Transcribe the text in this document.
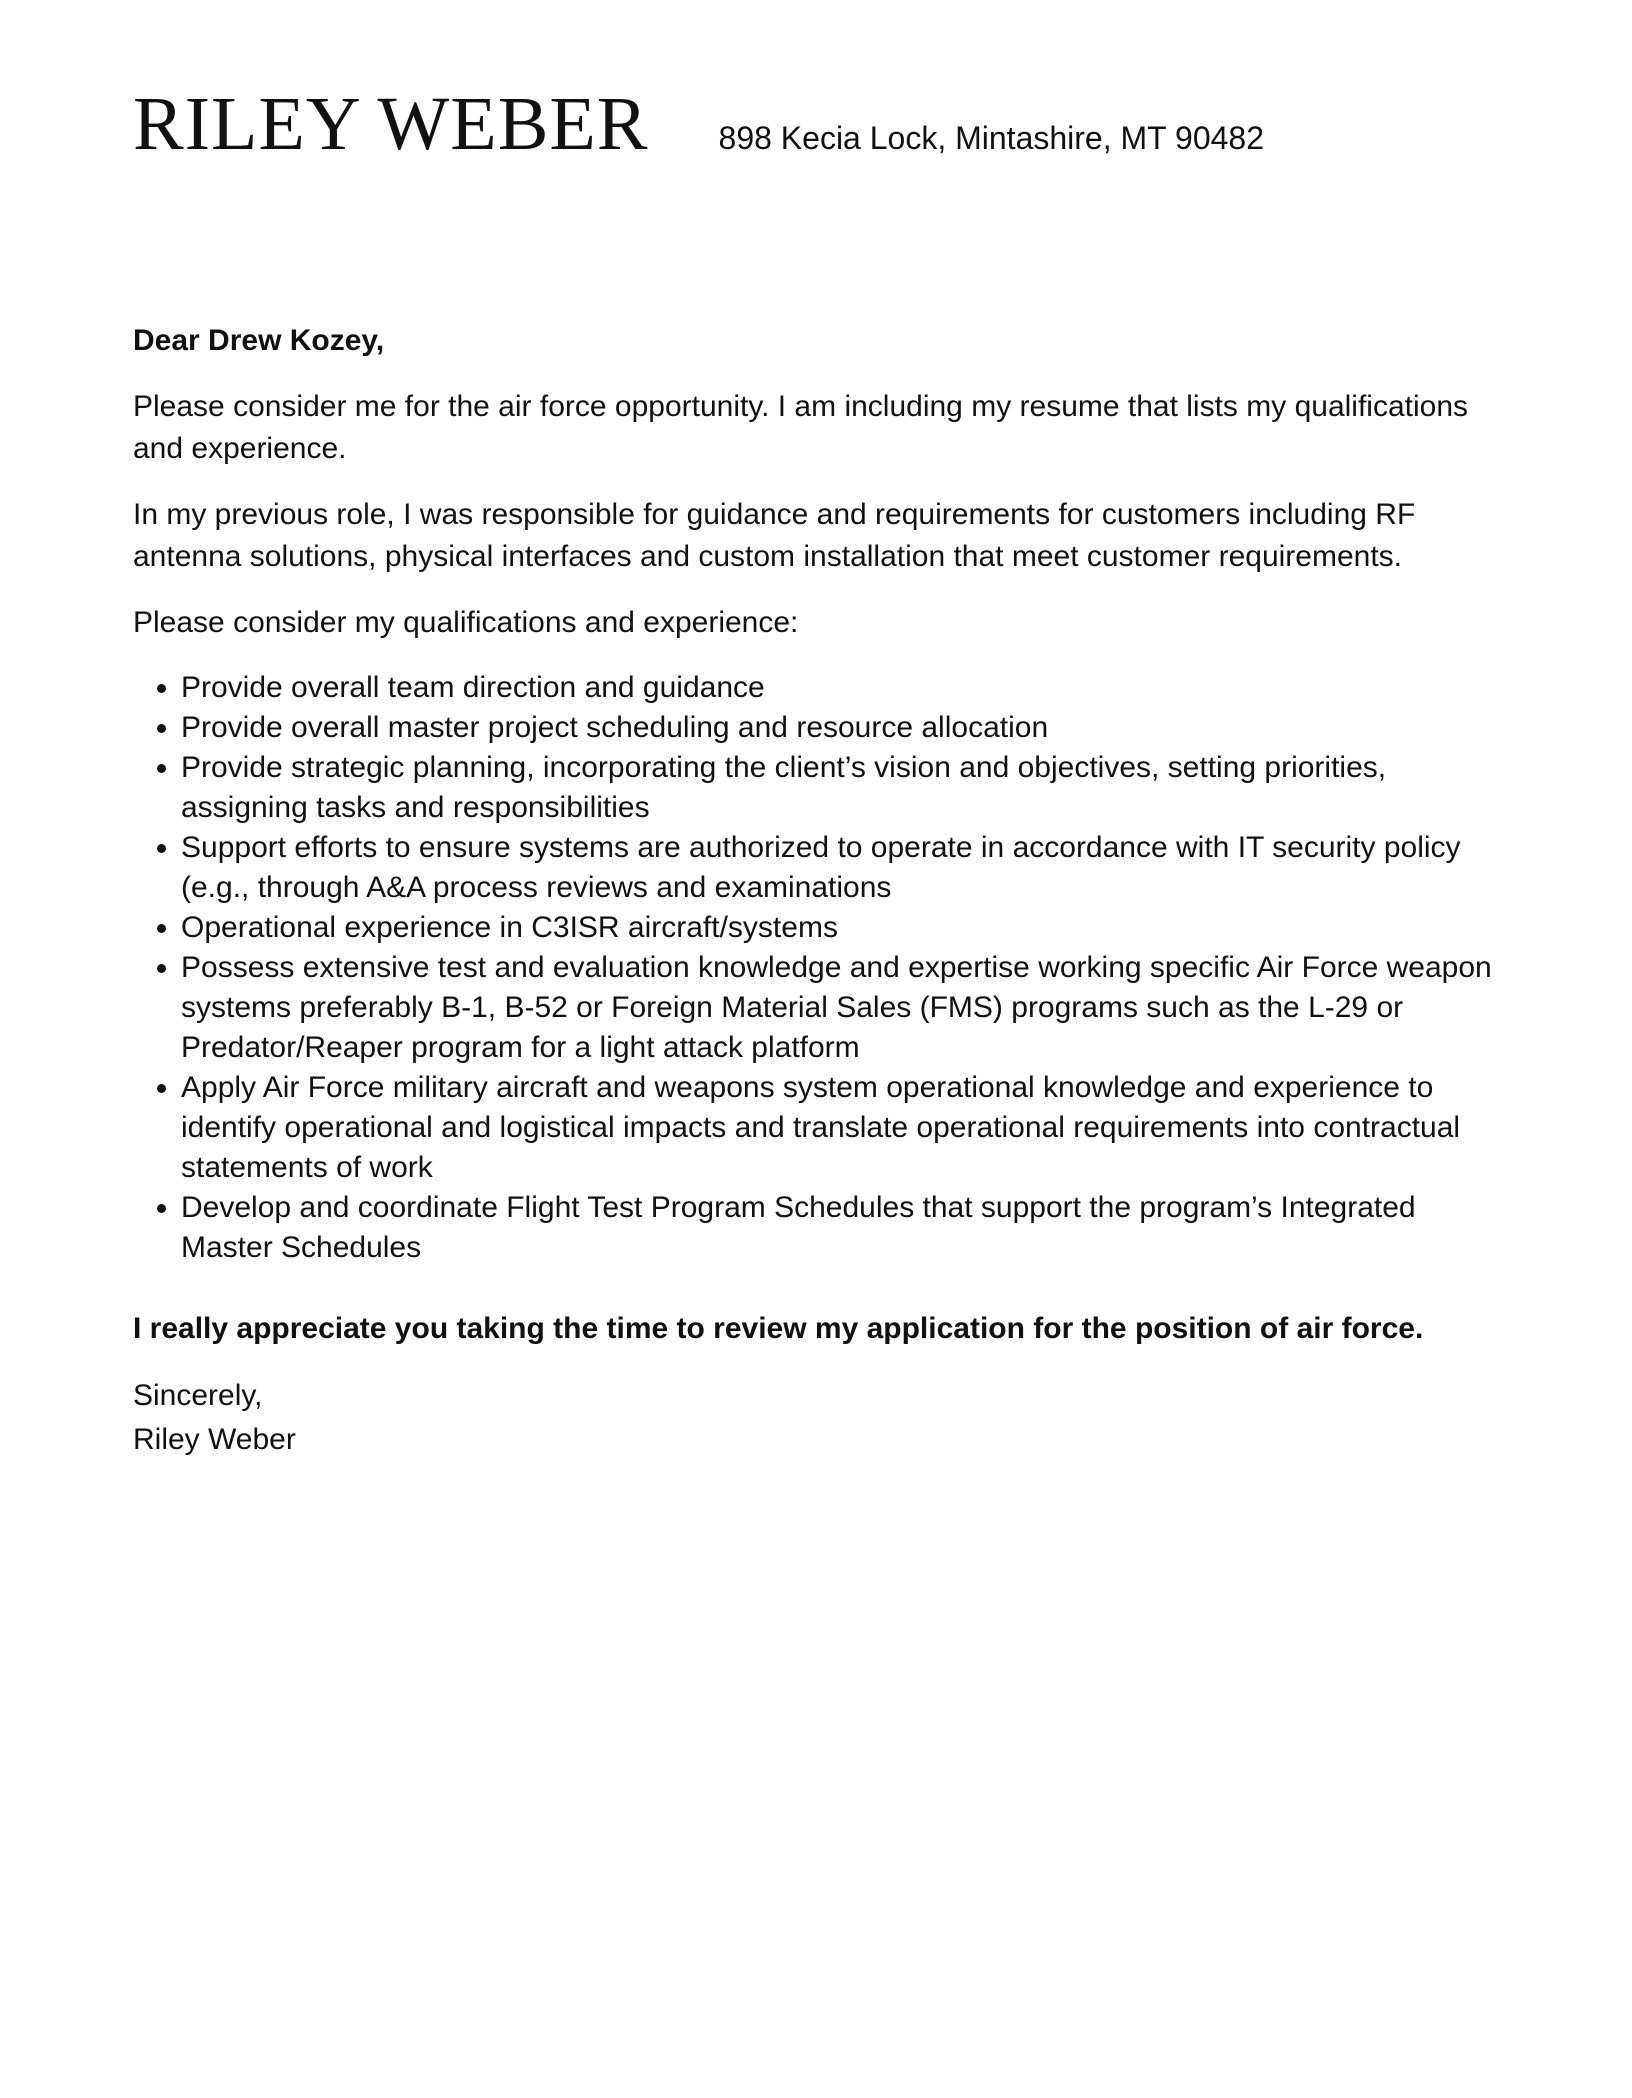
RILEY WEBER 898 Kecia Lock, Mintashire, MT 90482

Dear Drew Kozey,

Please consider me for the air force opportunity. I am including my resume that lists my qualifications and experience.

In my previous role, I was responsible for guidance and requirements for customers including RF antenna solutions, physical interfaces and custom installation that meet customer requirements.

Please consider my qualifications and experience:

• Provide overall team direction and guidance
• Provide overall master project scheduling and resource allocation
• Provide strategic planning, incorporating the client’s vision and objectives, setting priorities, assigning tasks and responsibilities
• Support efforts to ensure systems are authorized to operate in accordance with IT security policy (e.g., through A&A process reviews and examinations
• Operational experience in C3ISR aircraft/systems
• Possess extensive test and evaluation knowledge and expertise working specific Air Force weapon systems preferably B-1, B-52 or Foreign Material Sales (FMS) programs such as the L-29 or Predator/Reaper program for a light attack platform
• Apply Air Force military aircraft and weapons system operational knowledge and experience to identify operational and logistical impacts and translate operational requirements into contractual statements of work
• Develop and coordinate Flight Test Program Schedules that support the program’s Integrated Master Schedules

I really appreciate you taking the time to review my application for the position of air force.

Sincerely,
Riley Weber
